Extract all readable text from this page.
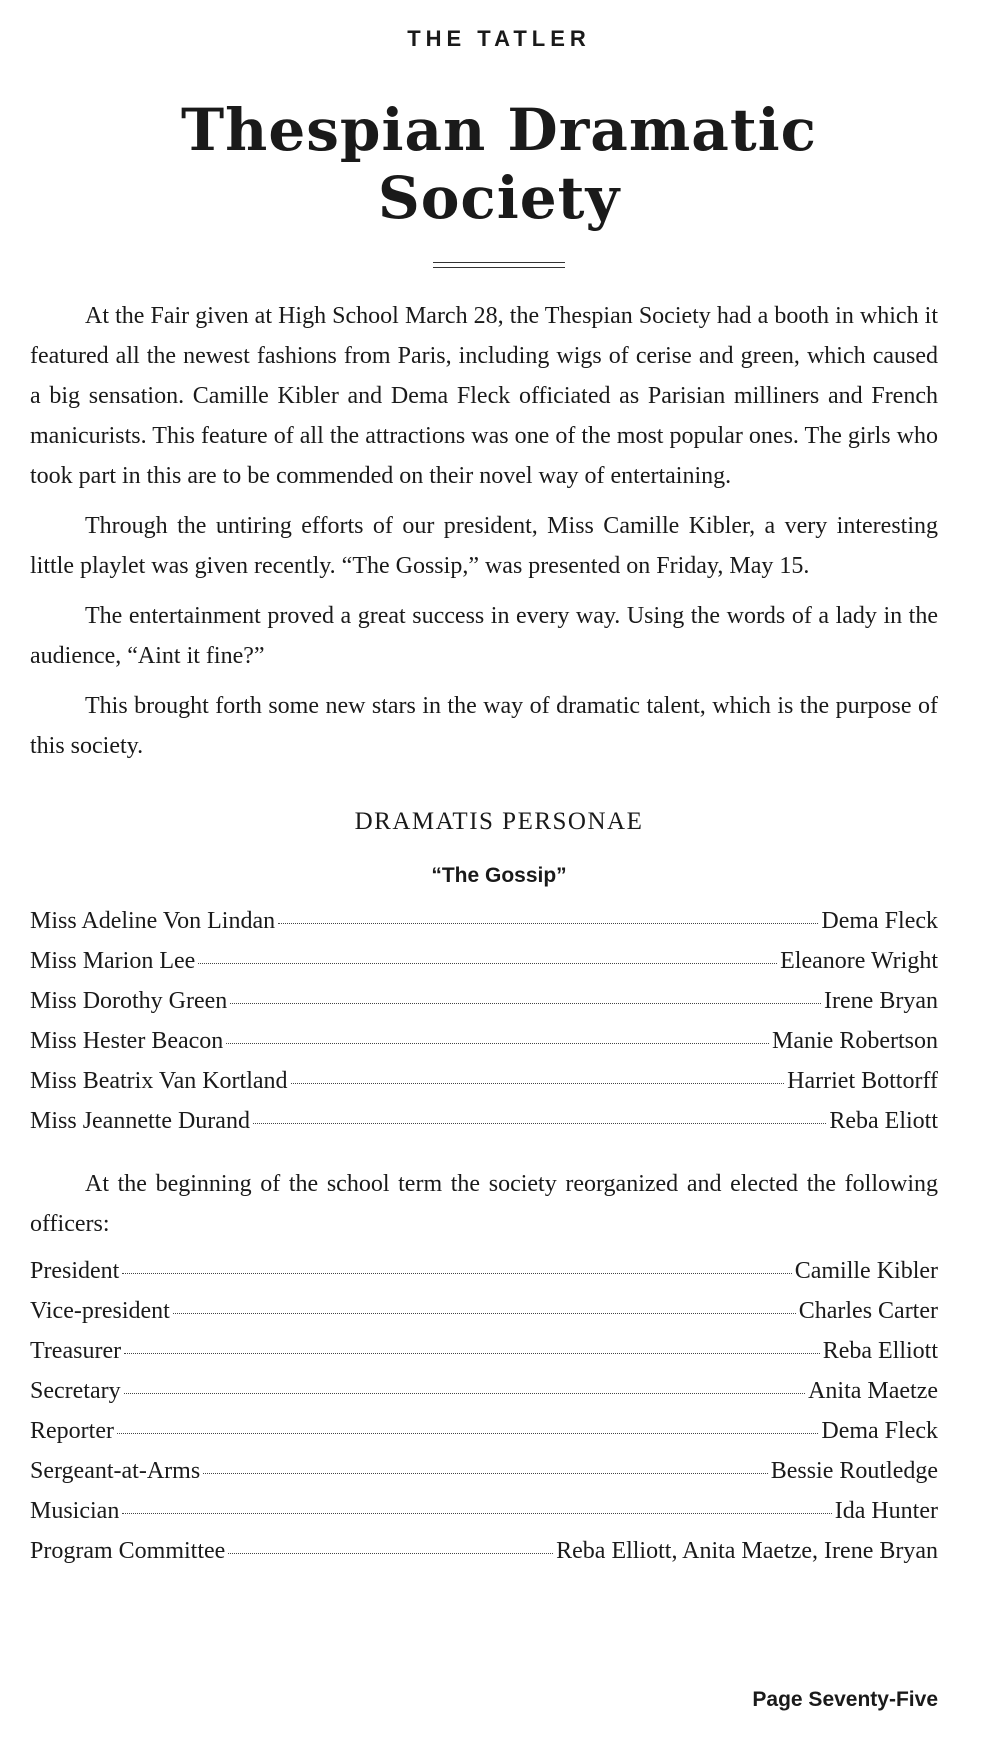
THE TATLER
Thespian Dramatic Society

At the Fair given at High School March 28, the Thespian Society had a booth in which it featured all the newest fashions from Paris, including wigs of cerise and green, which caused a big sensation. Camille Kibler and Dema Fleck officiated as Parisian milliners and French manicurists. This feature of all the attractions was one of the most popular ones. The girls who took part in this are to be commended on their novel way of entertaining.

Through the untiring efforts of our president, Miss Camille Kibler, a very interesting little playlet was given recently. “The Gossip,” was presented on Friday, May 15.

The entertainment proved a great success in every way. Using the words of a lady in the audience, “Aint it fine?”

This brought forth some new stars in the way of dramatic talent, which is the purpose of this society.

DRAMATIS PERSONAE
“The Gossip”
Miss Adeline Von Lindan	Dema Fleck
Miss Marion Lee	Eleanore Wright
Miss Dorothy Green	Irene Bryan
Miss Hester Beacon	Manie Robertson
Miss Beatrix Van Kortland	Harriet Bottorff
Miss Jeannette Durand	Reba Eliott

At the beginning of the school term the society reorganized and elected the following officers:

President	Camille Kibler
Vice-president	Charles Carter
Treasurer	Reba Elliott
Secretary	Anita Maetze
Reporter	Dema Fleck
Sergeant-at-Arms	Bessie Routledge
Musician	Ida Hunter
Program Committee	Reba Elliott, Anita Maetze, Irene Bryan
Page Seventy-Five
